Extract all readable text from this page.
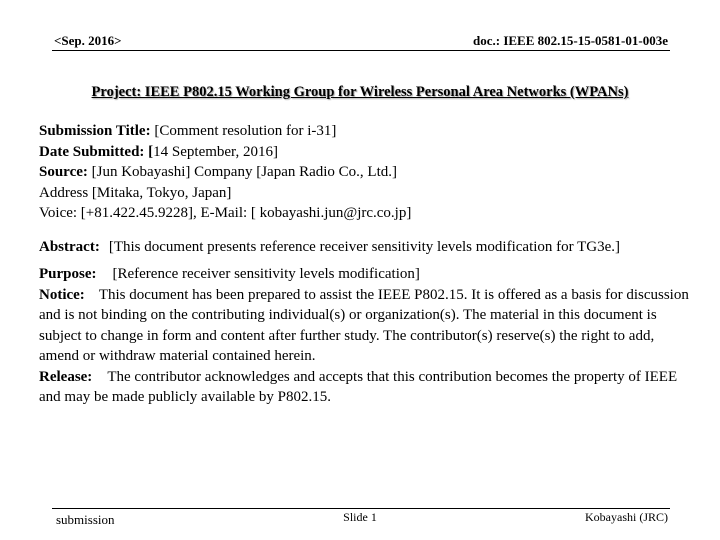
<Sep. 2016>	doc.: IEEE 802.15-15-0581-01-003e
Project: IEEE P802.15 Working Group for Wireless Personal Area Networks (WPANs)

Submission Title: [Comment resolution for i-31]

Date Submitted: [14 September, 2016]

Source: [Jun Kobayashi] Company [Japan Radio Co., Ltd.]

Address [Mitaka, Tokyo, Japan]

Voice: [+81.422.45.9228], E-Mail: [ kobayashi.jun@jrc.co.jp]

Abstract: [This document presents reference receiver sensitivity levels modification for TG3e.]

Purpose: [Reference receiver sensitivity levels modification]

Notice: This document has been prepared to assist the IEEE P802.15. It is offered as a basis for discussion and is not binding on the contributing individual(s) or organization(s). The material in this document is subject to change in form and content after further study. The contributor(s) reserve(s) the right to add, amend or withdraw material contained herein.

Release: The contributor acknowledges and accepts that this contribution becomes the property of IEEE and may be made publicly available by P802.15.

submission	Slide 1	Kobayashi (JRC)
